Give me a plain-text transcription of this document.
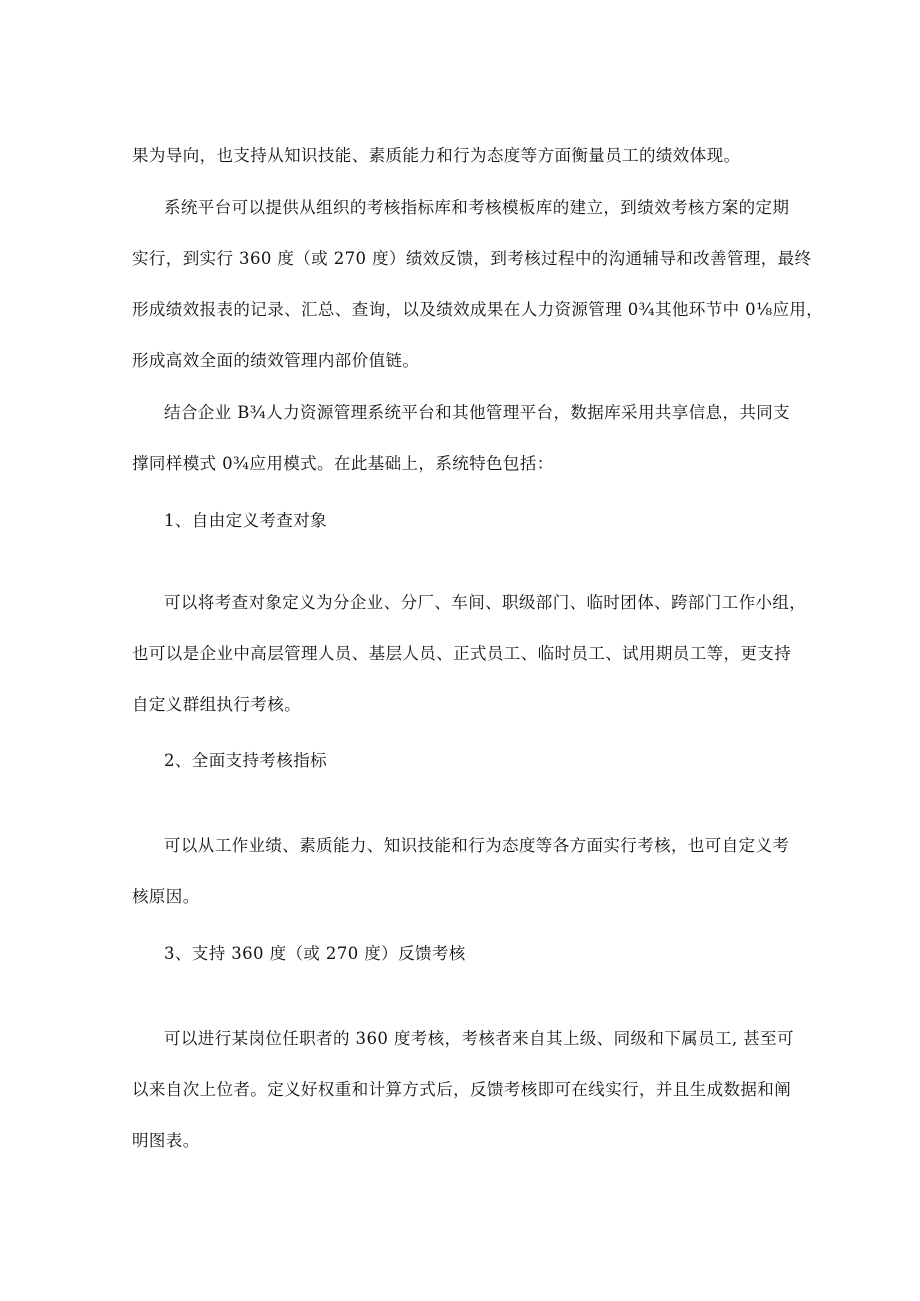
果为导向，也支持从知识技能、素质能力和行为态度等方面衡量员工的绩效体现。
系统平台可以提供从组织的考核指标库和考核模板库的建立，到绩效考核方案的定期
实行，到实行 360 度（或 270 度）绩效反馈，到考核过程中的沟通辅导和改善管理，最终
形成绩效报表的记录、汇总、查询，以及绩效成果在人力资源管理 0¾其他环节中 0⅛应用，
形成高效全面的绩效管理内部价值链。
结合企业 B¾人力资源管理系统平台和其他管理平台，数据库采用共享信息，共同支
撑同样模式 0¾应用模式。在此基础上，系统特色包括：
1、自由定义考查对象
可以将考查对象定义为分企业、分厂、车间、职级部门、临时团体、跨部门工作小组，
也可以是企业中高层管理人员、基层人员、正式员工、临时员工、试用期员工等，更支持
自定义群组执行考核。
2、全面支持考核指标
可以从工作业绩、素质能力、知识技能和行为态度等各方面实行考核，也可自定义考
核原因。
3、支持 360 度（或 270 度）反馈考核
可以进行某岗位任职者的 360 度考核，考核者来自其上级、同级和下属员工, 甚至可
以来自次上位者。定义好权重和计算方式后，反馈考核即可在线实行，并且生成数据和阐
明图表。
